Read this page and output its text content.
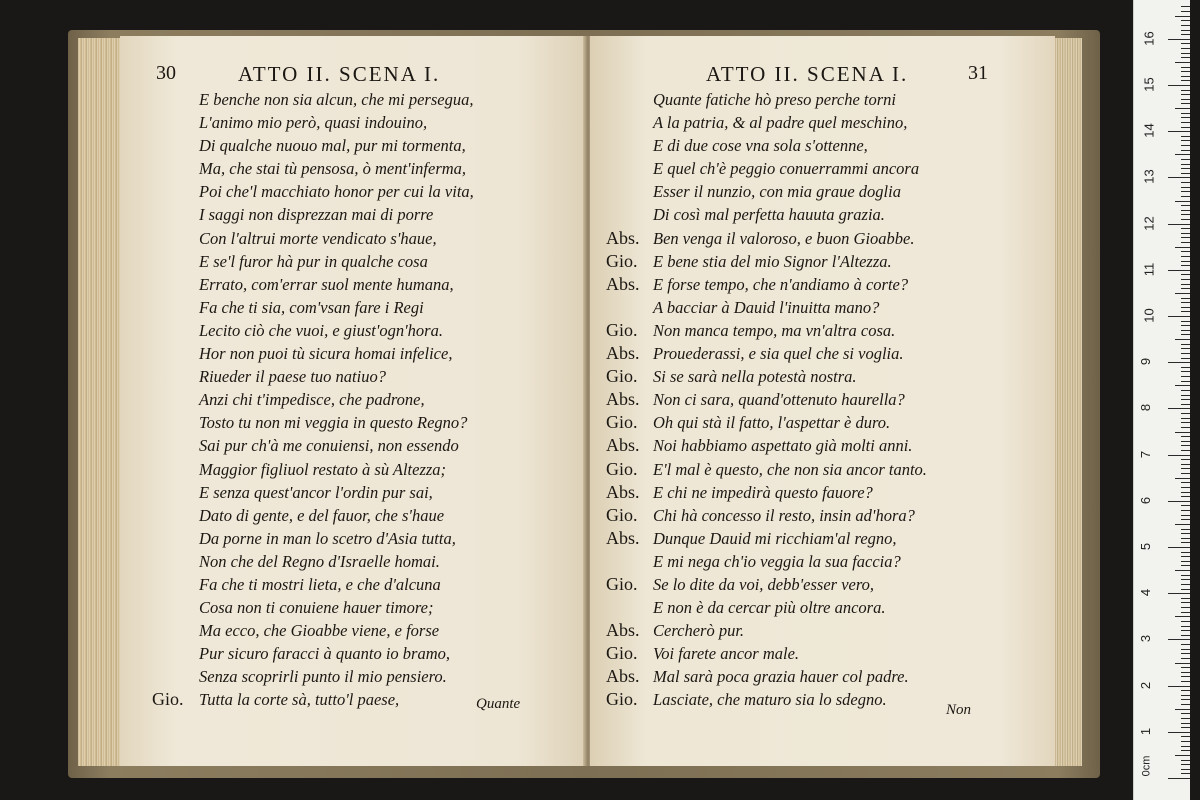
30	ATTO II. SCENA I.
E benche non sia alcun, che mi persegua,
L'animo mio però, quasi indouino,
Di qualche nuouo mal, pur mi tormenta,
Ma, che stai tù pensosa, ò ment'inferma,
Poi che'l macchiato honor per cui la vita,
I saggi non disprezzan mai di porre
Con l'altrui morte vendicato s'haue,
E se'l furor hà pur in qualche cosa
Errato, com'errar suol mente humana,
Fa che ti sia, com'vsan fare i Regi
Lecito ciò che vuoi, e giust'ogn'hora.
Hor non puoi tù sicura homai infelice,
Riueder il paese tuo natiuo?
Anzi chi t'impedisce, che padrone,
Tosto tu non mi veggia in questo Regno?
Sai pur ch'à me conuiensi, non essendo
Maggior figliuol restato à sù Altezza;
E senza quest'ancor l'ordin pur sai,
Dato di gente, e del fauor, che s'haue
Da porne in man lo scetro d'Asia tutta,
Non che del Regno d'Israelle homai.
Fa che ti mostri lieta, e che d'alcuna
Cosa non ti conuiene hauer timore;
Ma ecco, che Gioabbe viene, e forse
Pur sicuro faracci à quanto io bramo,
Senza scoprirli punto il mio pensiero.
Gio. Tutta la corte sà, tutto'l paese,	Quante
ATTO II. SCENA I.	31
Quante fatiche hò preso perche torni
A la patria, & al padre quel meschino,
E di due cose vna sola s'ottenne,
E quel ch'è peggio conuerrammi ancora
Esser il nunzio, con mia graue doglia
Di così mal perfetta hauuta grazia.
Abs. Ben venga il valoroso, e buon Gioabbe.
Gio. E bene stia del mio Signor l'Altezza.
Abs. E forse tempo, che n'andiamo à corte?
A bacciar à Dauid l'inuitta mano?
Gio. Non manca tempo, ma vn'altra cosa.
Abs. Prouederassi, e sia quel che si voglia.
Gio. Si se sarà nella potestà nostra.
Abs. Non ci sara, quand'ottenuto haurella?
Gio. Oh qui stà il fatto, l'aspettar è duro.
Abs. Noi habbiamo aspettato già molti anni.
Gio. E'l mal è questo, che non sia ancor tanto.
Abs. E chi ne impedirà questo fauore?
Gio. Chi hà concesso il resto, insin ad'hora?
Abs. Dunque Dauid mi ricchiam'al regno,
E mi nega ch'io veggia la sua faccia?
Gio. Se lo dite da voi, debb'esser vero,
E non è da cercar più oltre ancora.
Abs. Cercherò pur.
Gio. Voi farete ancor male.
Abs. Mal sarà poca grazia hauer col padre.
Gio. Lasciate, che maturo sia lo sdegno.
Non
0cm
1
2
3
4
5
6
7
8
9
10
11
12
13
14
15
16
